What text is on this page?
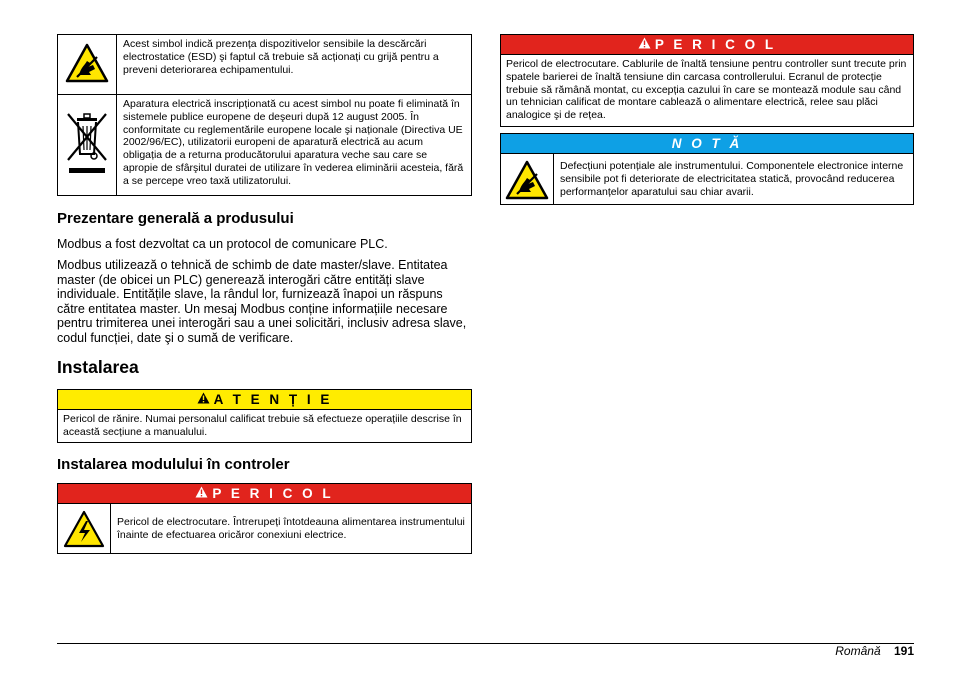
	Acest simbol indică prezența dispozitivelor sensibile la descărcări electrostatice (ESD) şi faptul că trebuie să acționați cu grijă pentru a preveni deteriorarea echipamentului.
	Aparatura electrică inscripționată cu acest simbol nu poate fi eliminată în sistemele publice europene de deşeuri după 12 august 2005. În conformitate cu reglementările europene locale şi naționale (Directiva UE 2002/96/EC), utilizatorii europeni de aparatură electrică au acum obligația de a returna producătorului aparatura veche sau care se apropie de sfârşitul duratei de utilizare în vederea eliminării acesteia, fără a se percepe vreo taxă utilizatorului.
Prezentare generală a produsului

Modbus a fost dezvoltat ca un protocol de comunicare PLC.

Modbus utilizează o tehnică de schimb de date master/slave. Entitatea master (de obicei un PLC) generează interogări către entități slave individuale. Entitățile slave, la rândul lor, furnizează înapoi un răspuns către entitatea master. Un mesaj Modbus conține informațiile necesare pentru trimiterea unei interogări sau a unei solicitări, inclusiv adresa slave, codul funcției, date şi o sumă de verificare.

Instalarea
A T E N Ț I E
Pericol de rănire. Numai personalul calificat trebuie să efectueze operațiile descrise în această secțiune a manualului.
Instalarea modulului în controler
P E R I C O L
Pericol de electrocutare. Întrerupeți întotdeauna alimentarea instrumentului înainte de efectuarea oricăror conexiuni electrice.
P E R I C O L
Pericol de electrocutare. Cablurile de înaltă tensiune pentru controller sunt trecute prin spatele barierei de înaltă tensiune din carcasa controllerului. Ecranul de protecție trebuie să rămână montat, cu excepția cazului în care se montează module sau când un tehnician calificat de montare cablează o alimentare electrică, relee sau plăci analogice şi de rețea.
N O T Ă
Defecțiuni potențiale ale instrumentului. Componentele electronice interne sensibile pot fi deteriorate de electricitatea statică, provocând reducerea performanțelor aparatului sau chiar avarii.
Română 191
